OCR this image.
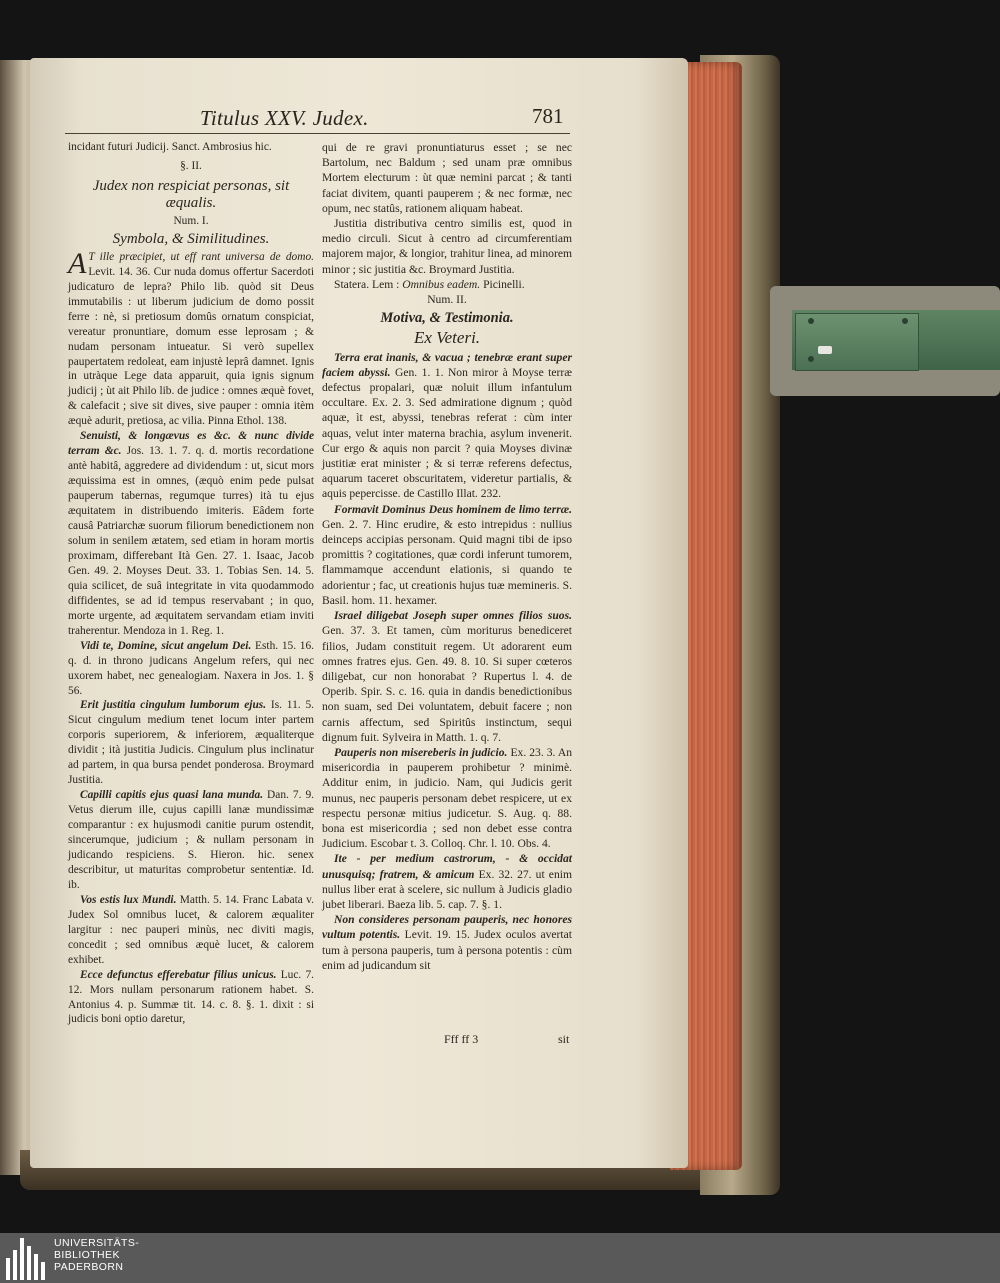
Titulus XXV. Judex.	781

incidant futuri Judicij. Sanct. Ambrosius hic.

§. II.

Judex non respiciat personas, sit æqualis.

Num. I.

Symbola, & Similitudines.

A T ille præcipiet, ut eff rant universa de domo. Levit. 14. 36. Cur nuda domus offertur Sacerdoti judicaturo de lepra? Philo lib. quòd sit Deus immutabilis : ut liberum judicium de domo possit ferre : nè, si pretiosum domûs ornatum conspiciat, vereatur pronuntiare, domum esse leprosam ; & nudam personam intueatur. Si verò supellex paupertatem redoleat, eam injustè leprâ damnet. Ignis in utràque Lege data apparuit, quia ignis signum judicij ; ùt ait Philo lib. de judice : omnes æquè fovet, & calefacit ; sive sit dives, sive pauper : omnia itèm æquè adurit, pretiosa, ac vilia. Pinna Ethol. 138.

Senuisti, & longævus es &c. & nunc divide terram &c. Jos. 13. 1. 7. q. d. mortis recordatione antè habitâ, aggredere ad dividendum : ut, sicut mors æquissima est in omnes, (æquò enim pede pulsat pauperum tabernas, regumque turres) ità tu ejus æquitatem in distribuendo imiteris. Eâdem forte causâ Patriarchæ suorum filiorum benedictionem non solum in senilem ætatem, sed etiam in horam mortis proximam, differebant Ità Gen. 27. 1. Isaac, Jacob Gen. 49. 2. Moyses Deut. 33. 1. Tobias Sen. 14. 5. quia scilicet, de suâ integritate in vita quodammodo diffidentes, se ad id tempus reservabant ; in quo, morte urgente, ad æquitatem servandam etiam inviti traherentur. Mendoza in 1. Reg. 1.

Vidi te, Domine, sicut angelum Dei. Esth. 15. 16. q. d. in throno judicans Angelum refers, qui nec uxorem habet, nec genealogiam. Naxera in Jos. 1. § 56.

Erit justitia cingulum lumborum ejus. Is. 11. 5. Sicut cingulum medium tenet locum inter partem corporis superiorem, & inferiorem, æqualiterque dividit ; ità justitia Judicis. Cingulum plus inclinatur ad partem, in qua bursa pendet ponderosa. Broymard Justitia.

Capilli capitis ejus quasi lana munda. Dan. 7. 9. Vetus dierum ille, cujus capilli lanæ mundissimæ comparantur : ex hujusmodi canitie purum ostendit, sincerumque, judicium ; & nullam personam in judicando respiciens. S. Hieron. hic. senex describitur, ut maturitas comprobetur sententiæ. Id. ib.

Vos estis lux Mundi. Matth. 5. 14. Franc Labata v. Judex Sol omnibus lucet, & calorem æqualiter largitur : nec pauperi minùs, nec diviti magis, concedit ; sed omnibus æquè lucet, & calorem exhibet.

Ecce defunctus efferebatur filius unicus. Luc. 7. 12. Mors nullam personarum rationem habet. S. Antonius 4. p. Summæ tit. 14. c. 8. §. 1. dixit : si judicis boni optio daretur,

qui de re gravi pronuntiaturus esset ; se nec Bartolum, nec Baldum ; sed unam præ omnibus Mortem electurum : ùt quæ nemini parcat ; & tanti faciat divitem, quanti pauperem ; & nec formæ, nec opum, nec statûs, rationem aliquam habeat.

Justitia distributiva centro similis est, quod in medio circuli. Sicut à centro ad circumferentiam majorem major, & longior, trahitur linea, ad minorem minor ; sic justitia &c. Broymard Justitia.

Statera. Lem : Omnibus eadem. Picinelli.

Num. II.

Motiva, & Testimonia.

Ex Veteri.

Terra erat inanis, & vacua ; tenebræ erant super faciem abyssi. Gen. 1. 1. Non miror à Moyse terræ defectus propalari, quæ noluit illum infantulum occultare. Ex. 2. 3. Sed admiratione dignum ; quòd aquæ, ìt est, abyssi, tenebras referat : cùm inter aquas, velut inter materna brachia, asylum invenerit. Cur ergo & aquis non parcit ? quia Moyses divinæ justitiæ erat minister ; & si terræ referens defectus, aquarum taceret obscuritatem, videretur partialis, & aquis pepercisse. de Castillo Illat. 232.

Formavit Dominus Deus hominem de limo terræ. Gen. 2. 7. Hinc erudire, & esto intrepidus : nullius deinceps accipias personam. Quid magni tibi de ipso promittis ? cogitationes, quæ cordi inferunt tumorem, flammamque accendunt elationis, si quando te adorientur ; fac, ut creationis hujus tuæ memineris. S. Basil. hom. 11. hexamer.

Israel diligebat Joseph super omnes filios suos. Gen. 37. 3. Et tamen, cùm moriturus benediceret filios, Judam constituit regem. Ut adorarent eum omnes fratres ejus. Gen. 49. 8. 10. Si super cœteros diligebat, cur non honorabat ? Rupertus l. 4. de Operib. Spir. S. c. 16. quia in dandis benedictionibus non suam, sed Dei voluntatem, debuit facere ; non carnis affectum, sed Spiritûs instinctum, sequi dignum fuit. Sylveira in Matth. 1. q. 7.

Pauperis non misereberis in judicio. Ex. 23. 3. An misericordia in pauperem prohibetur ? minimè. Additur enim, in judicio. Nam, qui Judicis gerit munus, nec pauperis personam debet respicere, ut ex respectu personæ mitius judicetur. S. Aug. q. 88. bona est misericordia ; sed non debet esse contra Judicium. Escobar t. 3. Colloq. Chr. l. 10. Obs. 4.

Ite - per medium castrorum, - & occidat unusquisq; fratrem, & amicum Ex. 32. 27. ut enim nullus liber erat à scelere, sic nullum à Judicis gladio jubet liberari. Baeza lib. 5. cap. 7. §. 1.

Non consideres personam pauperis, nec honores vultum potentis. Levit. 19. 15. Judex oculos avertat tum à persona pauperis, tum à persona potentis : cùm enim ad judicandum sit

Fff ff 3	sit
UNIVERSITÄTS-
BIBLIOTHEK
PADERBORN
